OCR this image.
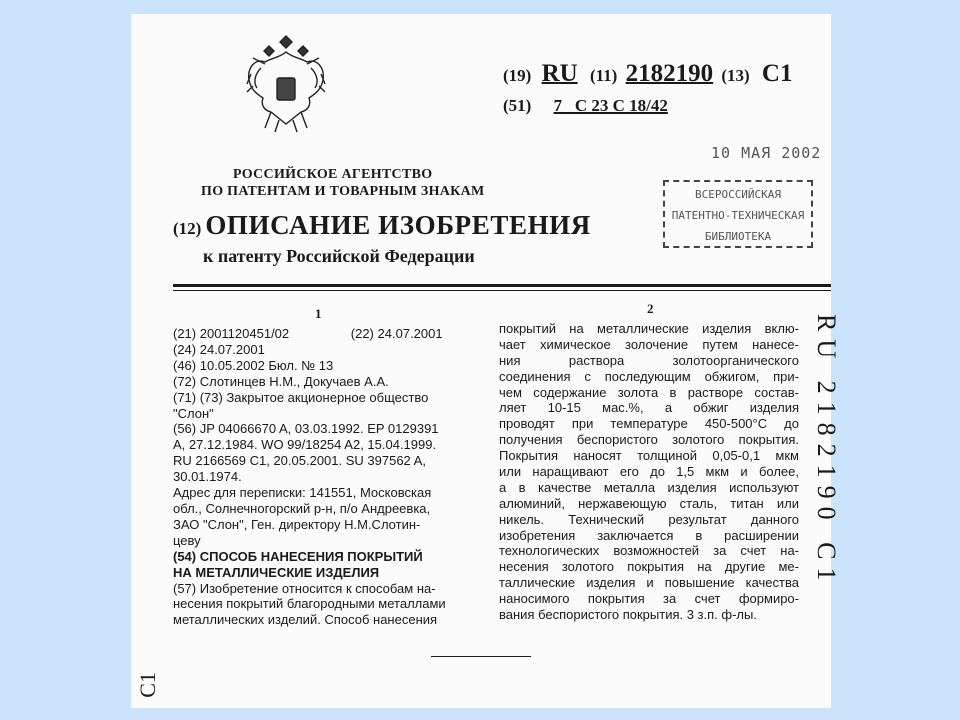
(19) RU (11) 2182190 (13) C1
(51) 7   C 23 C 18/42
РОССИЙСКОЕ АГЕНТСТВО
ПО ПАТЕНТАМ И ТОВАРНЫМ ЗНАКАМ
10 МАЯ 2002
ВСЕРОССИЙСКАЯ
ПАТЕНТНО-ТЕХНИЧЕСКАЯ
БИБЛИОТЕКА
(12) ОПИСАНИЕ ИЗОБРЕТЕНИЯ
к патенту Российской Федерации
1	2
(21) 2001120451/02	(22) 24.07.2001
(24) 24.07.2001
(46) 10.05.2002 Бюл. № 13
(72) Слотинцев Н.М., Докучаев А.А.
(71) (73) Закрытое акционерное общество
"Слон"
(56) JP 04066670 A, 03.03.1992. EP 0129391
A, 27.12.1984. WO 99/18254 A2, 15.04.1999.
RU 2166569 C1, 20.05.2001. SU 397562 A,
30.01.1974.
Адрес для переписки: 141551, Московская
обл., Солнечногорский р-н, п/о Андреевка,
ЗАО "Слон", Ген. директору Н.М.Слотин-
цеву
(54) СПОСОБ НАНЕСЕНИЯ ПОКРЫТИЙ
НА МЕТАЛЛИЧЕСКИЕ ИЗДЕЛИЯ
(57) Изобретение относится к способам на-
несения покрытий благородными металлами
металлических изделий. Способ нанесения
покрытий на металлические изделия вклю-
чает химическое золочение путем нанесе-
ния раствора золотоорганического
соединения с последующим обжигом, при-
чем содержание золота в растворе состав-
ляет 10-15 мас.%, а обжиг изделия
проводят при температуре 450-500°C до
получения беспористого золотого покрытия.
Покрытия наносят толщиной 0,05-0,1 мкм
или наращивают его до 1,5 мкм и более,
а в качестве металла изделия используют
алюминий, нержавеющую сталь, титан или
никель. Технический результат данного
изобретения заключается в расширении
технологических возможностей за счет на-
несения золотого покрытия на другие ме-
таллические изделия и повышение качества
наносимого покрытия за счет формиро-
вания беспористого покрытия. 3 з.п. ф-лы.
RU 2182190 C1
C1
